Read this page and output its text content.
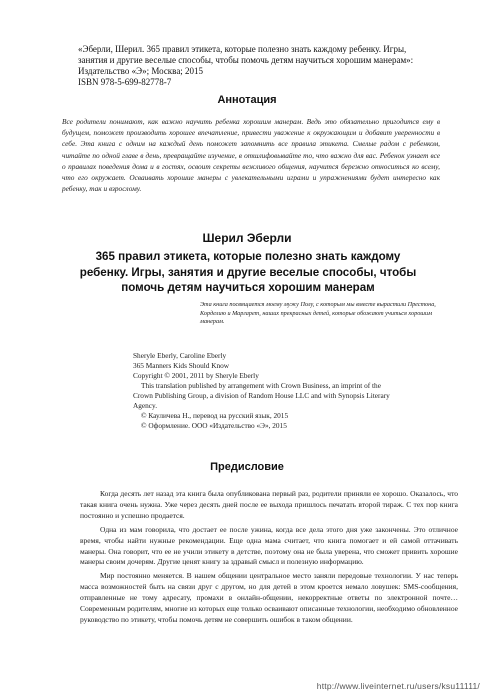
«Эберли, Шерил. 365 правил этикета, которые полезно знать каждому ребенку. Игры,

занятия и другие веселые способы, чтобы помочь детям научиться хорошим манерам»:

Издательство «Э»; Москва; 2015

ISBN 978-5-699-82778-7

Аннотация
Все родители понимают, как важно научить ребенка хорошим манерам. Ведь это обязательно пригодится ему в будущем, поможет производить хорошее впечатление, привести уважение к окружающим и добавит уверенности в себе. Эта книга с одним на каждый день поможет запомнить все правила этикета. Смелые радом с ребенком, читайте по одной главе в день, превращайте изучение, в отшлифовывайте то, что важно для вас. Ребенок узнает все о правилах поведения дома и в гостях, освоит секреты вежливого общения, научится бережно относиться ко всему, что его окружает. Осваивать хорошие манеры с увлекательными играми и упражнениями будет интересно как ребенку, так и взрослому.
Шерил Эберли
365 правил этикета, которые полезно знать каждому
ребенку. Игры, занятия и другие веселые способы, чтобы
помочь детям научиться хорошим манерам
Эта книга посвящается моему мужу Полу, с которым мы вместе вырастили Престона, Корделию и Маргарет, наших прекрасных детей, которые обожают учиться хорошим манерам.

Sheryle Eberly, Caroline Eberly

365 Manners Kids Should Know

Copyright © 2001, 2011 by Sheryle Eberly

This translation published by arrangement with Crown Business, an imprint of the

Crown Publishing Group, a division of Random House LLC and with Synopsis Literary

Agency.

© Кауличева Н., перевод на русский язык, 2015

© Оформление. ООО «Издательство «Э», 2015

Предисловие

Когда десять лет назад эта книга была опубликована первый раз, родители приняли ее хорошо. Оказалось, что такая книга очень нужна. Уже через десять дней после ее выхода пришлось печатать второй тираж. С тех пор книга постоянно и успешно продается.

Одна из мам говорила, что достает ее после ужина, когда все дела этого дня уже закончены. Это отличное время, чтобы найти нужные рекомендации. Еще одна мама считает, что книга помогает и ей самой оттачивать манеры. Она говорит, что ее не учили этикету в детстве, поэтому она не была уверена, что сможет привить хорошие манеры своим дочерям. Другие ценят книгу за здравый смысл и полезную информацию.

Мир постоянно меняется. В нашем общении центральное место заняли передовые технологии. У нас теперь масса возможностей быть на связи друг с другом, но для детей в этом кроется немало ловушек: SMS-сообщения, отправленные не тому адресату, промахи в онлайн-общении, некорректные ответы по электронной почте… Современным родителям, многие из которых еще только осваивают описанные технологии, необходимо обновленное руководство по этикету, чтобы помочь детям не совершить ошибок в таком общении.

http://www.liveinternet.ru/users/ksu11111/
